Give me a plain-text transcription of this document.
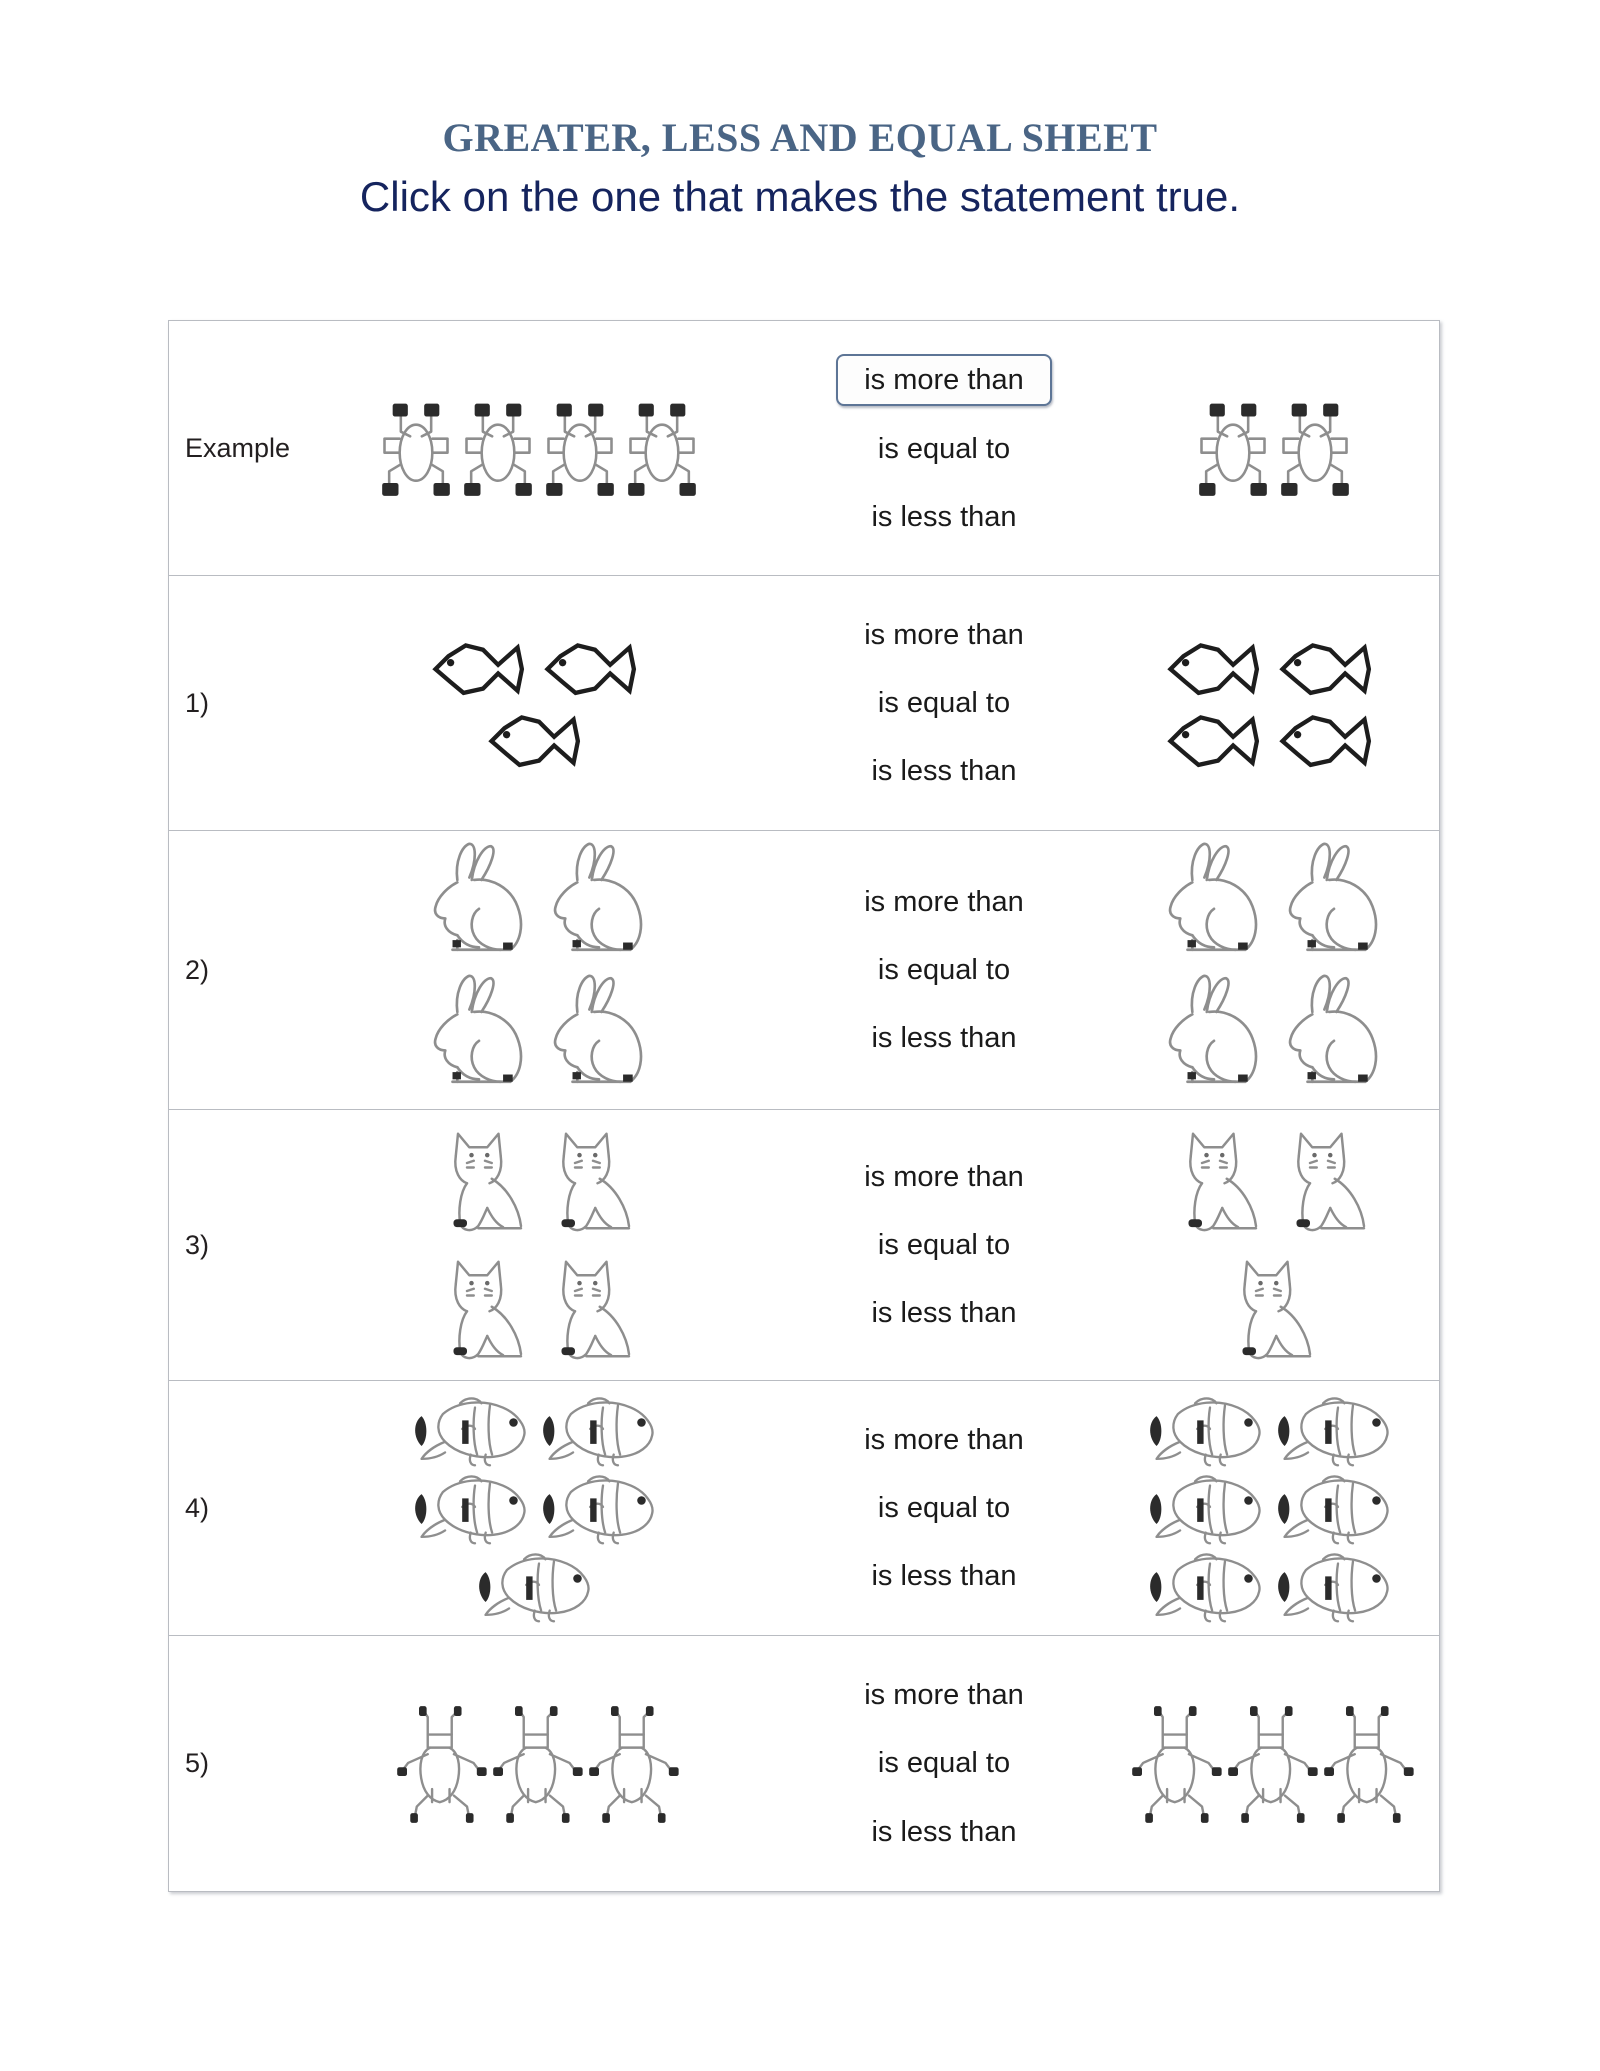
GREATER, LESS AND EQUAL SHEET
Click on the one that makes the statement true.
Example
is more than
is equal to
is less than
1)
is more than
is equal to
is less than
2)
is more than
is equal to
is less than
3)
is more than
is equal to
is less than
4)
is more than
is equal to
is less than
5)
is more than
is equal to
is less than
